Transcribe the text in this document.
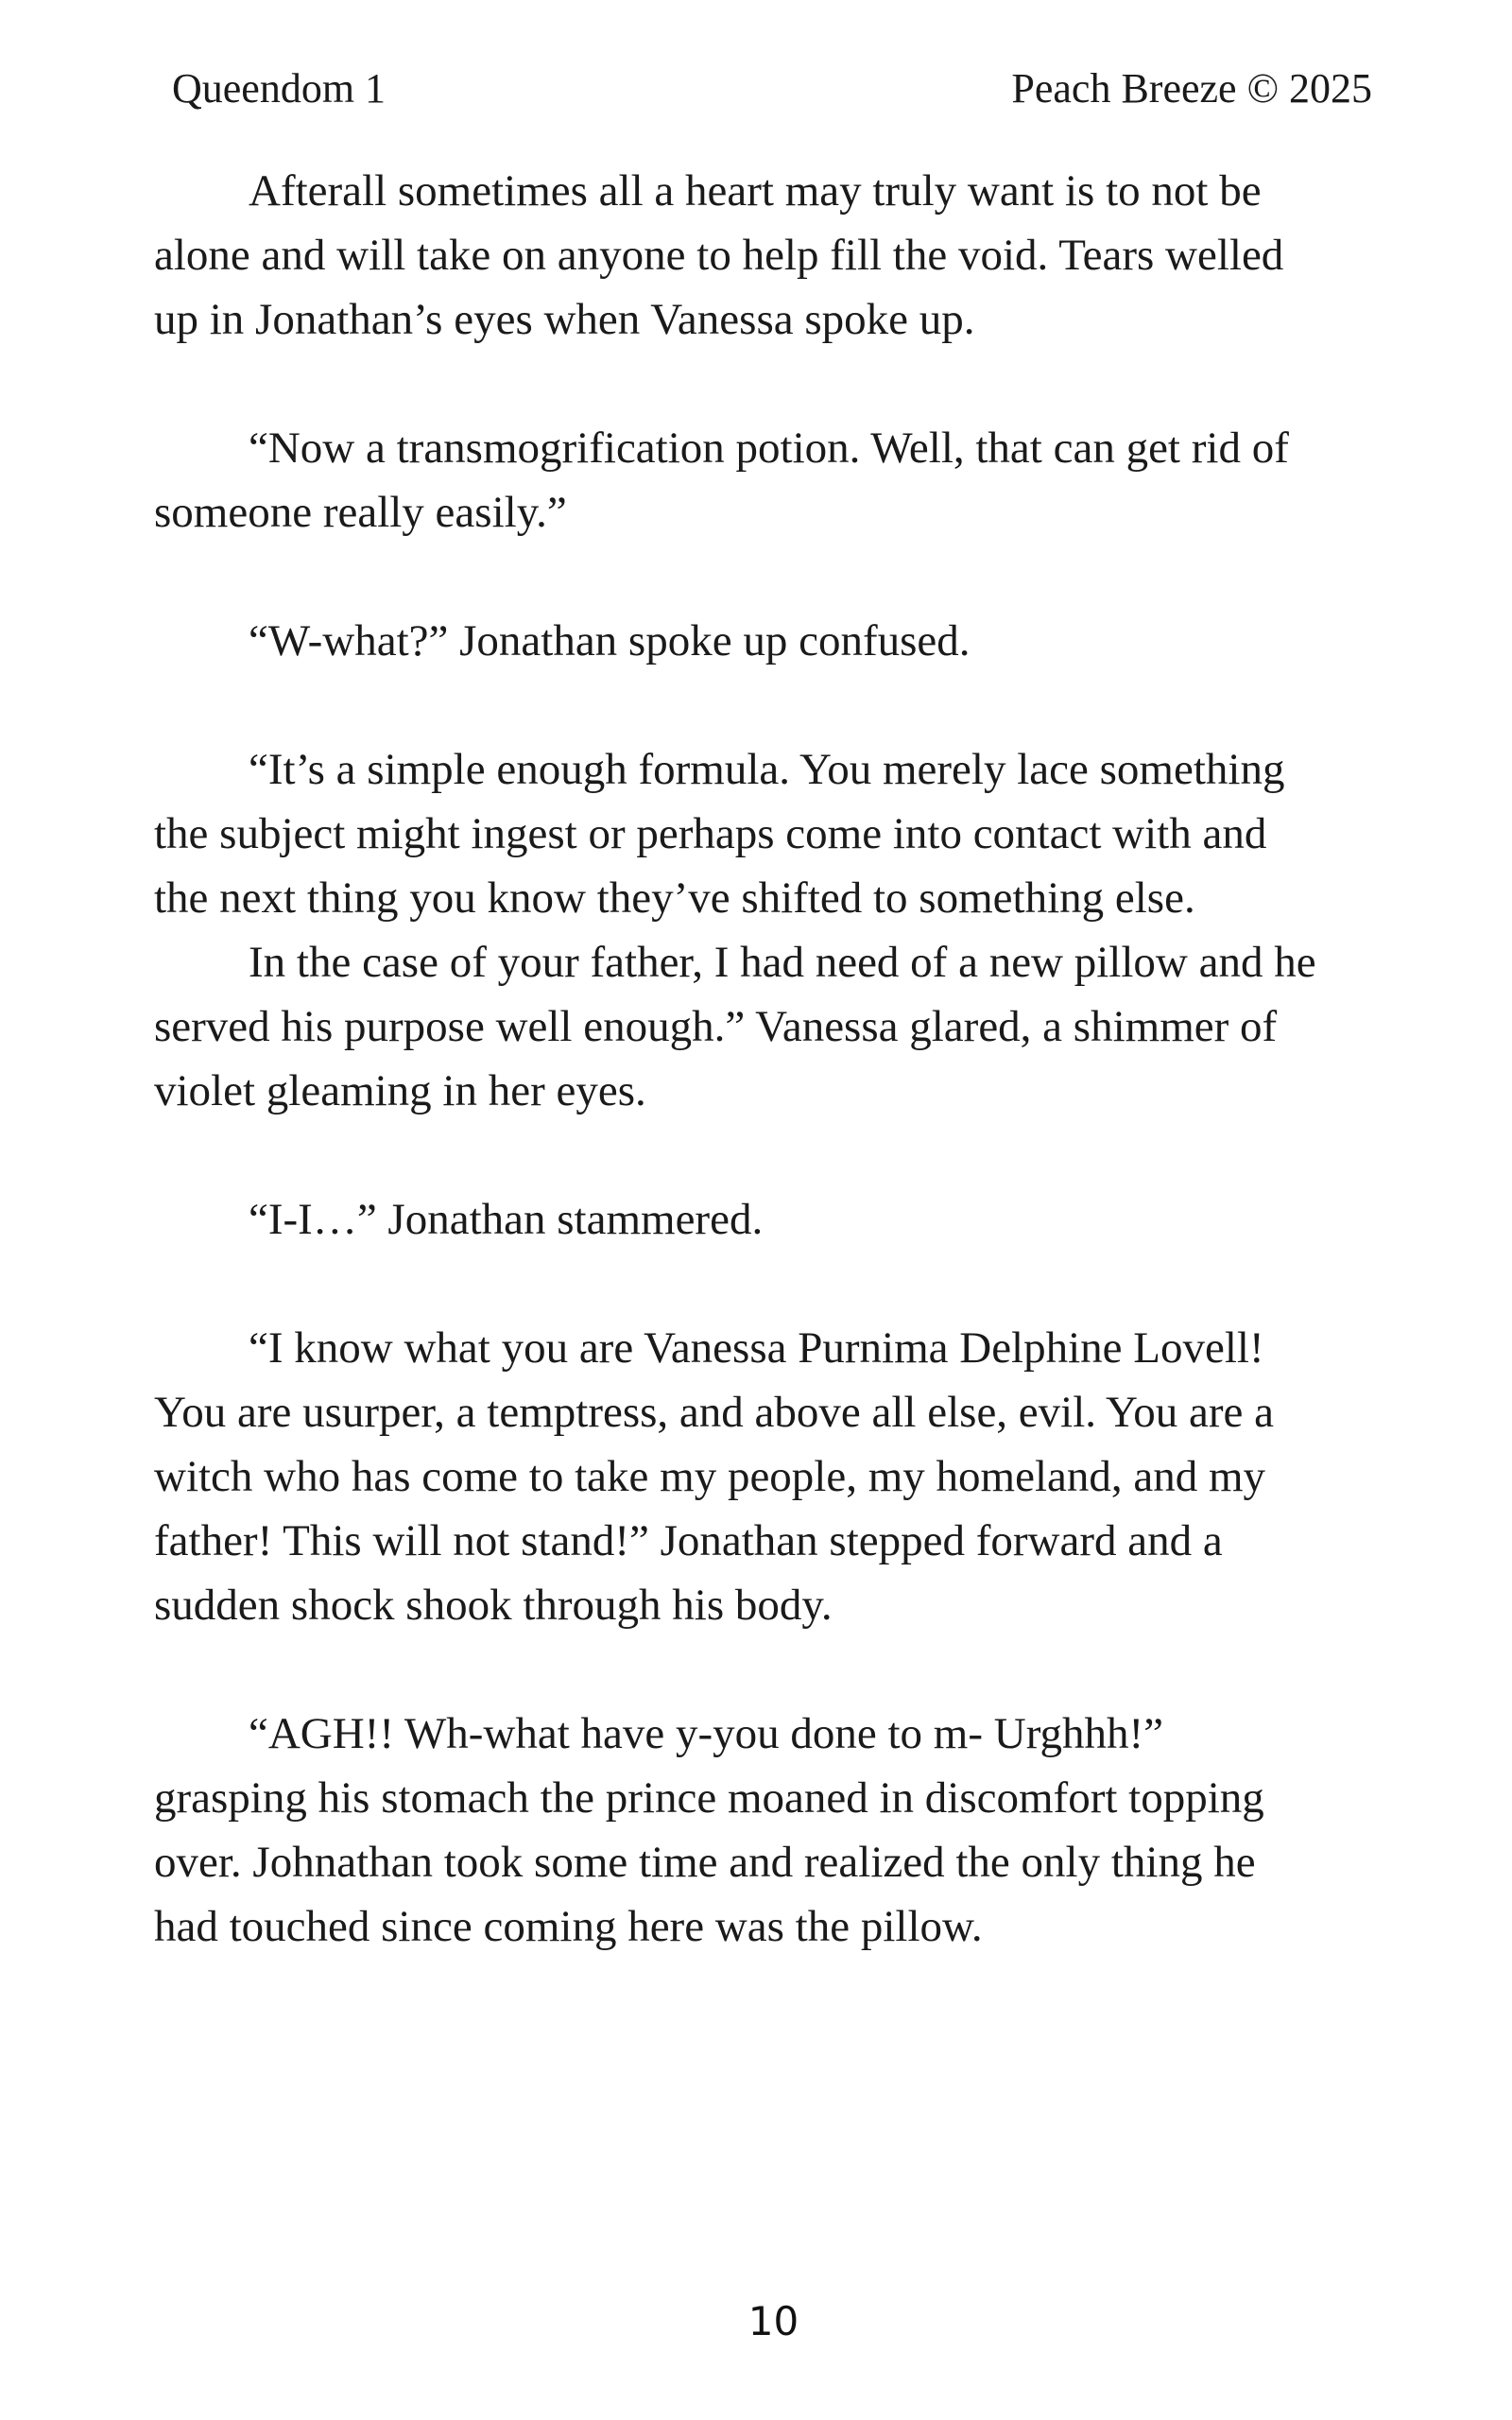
Queendom 1	Peach Breeze © 2025

Afterall sometimes all a heart may truly want is to not be alone and will take on anyone to help fill the void. Tears welled up in Jonathan’s eyes when Vanessa spoke up.

“Now a transmogrification potion. Well, that can get rid of someone really easily.”

“W-what?” Jonathan spoke up confused.

“It’s a simple enough formula. You merely lace something the subject might ingest or perhaps come into contact with and the next thing you know they’ve shifted to something else.

In the case of your father, I had need of a new pillow and he served his purpose well enough.” Vanessa glared, a shimmer of violet gleaming in her eyes.

“I-I…” Jonathan stammered.

“I know what you are Vanessa Purnima Delphine Lovell! You are usurper, a temptress, and above all else, evil. You are a witch who has come to take my people, my homeland, and my father! This will not stand!” Jonathan stepped forward and a sudden shock shook through his body.

“AGH!! Wh-what have y-you done to m- Urghhh!” grasping his stomach the prince moaned in discomfort topping over. Johnathan took some time and realized the only thing he had touched since coming here was the pillow.

10
